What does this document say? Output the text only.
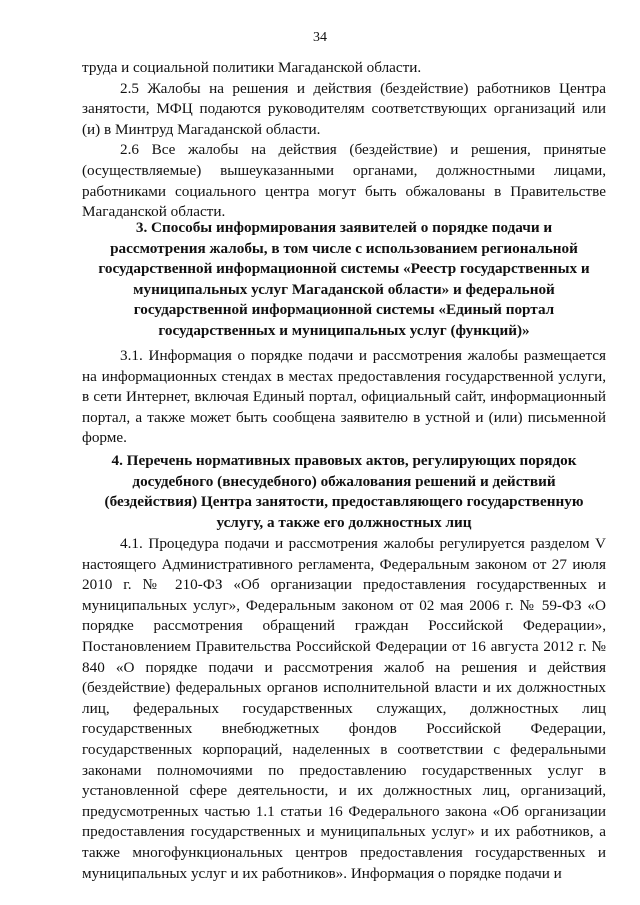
34

труда и социальной политики Магаданской области.

2.5 Жалобы на решения и действия (бездействие) работников Центра занятости, МФЦ подаются руководителям соответствующих организаций или (и) в Минтруд Магаданской области.

2.6 Все жалобы на действия (бездействие) и решения, принятые (осуществляемые) вышеуказанными органами, должностными лицами, работниками социального центра могут быть обжалованы в Правительстве Магаданской области.

3. Способы информирования заявителей о порядке подачи и
рассмотрения жалобы, в том числе с использованием региональной
государственной информационной системы «Реестр государственных и
муниципальных услуг Магаданской области» и федеральной
государственной информационной системы «Единый портал
государственных и муниципальных услуг (функций)»

3.1. Информация о порядке подачи и рассмотрения жалобы размещается на информационных стендах в местах предоставления государственной услуги, в сети Интернет, включая Единый портал, официальный сайт, информационный портал, а также может быть сообщена заявителю в устной и (или) письменной форме.

4. Перечень нормативных правовых актов, регулирующих порядок
досудебного (внесудебного) обжалования решений и действий
(бездействия) Центра занятости, предоставляющего государственную
услугу, а также его должностных лиц

4.1. Процедура подачи и рассмотрения жалобы регулируется разделом V настоящего Административного регламента, Федеральным законом от 27 июля 2010 г. № 210-ФЗ «Об организации предоставления государственных и муниципальных услуг», Федеральным законом от 02 мая 2006 г. № 59-ФЗ «О порядке рассмотрения обращений граждан Российской Федерации», Постановлением Правительства Российской Федерации от 16 августа 2012 г. № 840 «О порядке подачи и рассмотрения жалоб на решения и действия (бездействие) федеральных органов исполнительной власти и их должностных лиц, федеральных государственных служащих, должностных лиц государственных внебюджетных фондов Российской Федерации, государственных корпораций, наделенных в соответствии с федеральными законами полномочиями по предоставлению государственных услуг в установленной сфере деятельности, и их должностных лиц, организаций, предусмотренных частью 1.1 статьи 16 Федерального закона «Об организации предоставления государственных и муниципальных услуг» и их работников, а также многофункциональных центров предоставления государственных и муниципальных услуг и их работников». Информация о порядке подачи и
